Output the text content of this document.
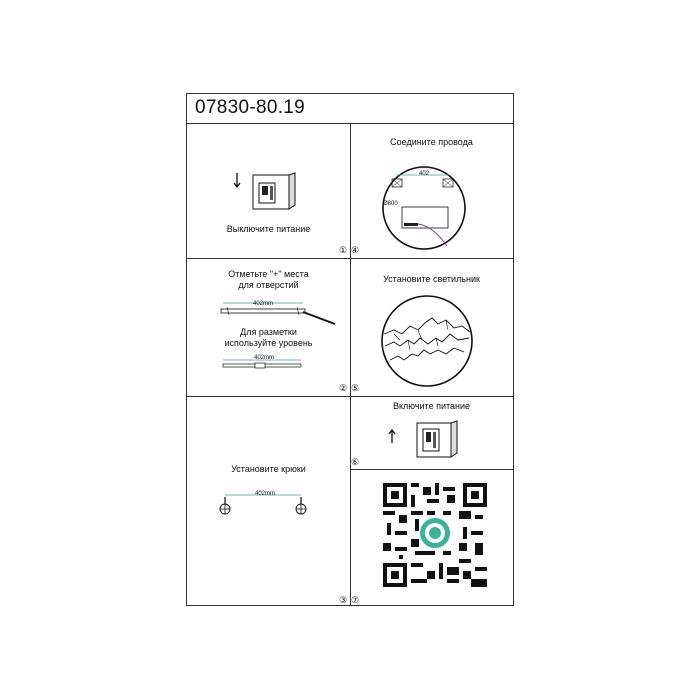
07830-80.19
Выключите питание
①
Соедините провода
402
Ø800
④
Отметьте "+" места
для отверстий
402mm
Для разметки
используйте уровень
402mm
②
Установите светильник
⑤
Установите крюки
402mm
③
Включите питание
⑥
⑦
